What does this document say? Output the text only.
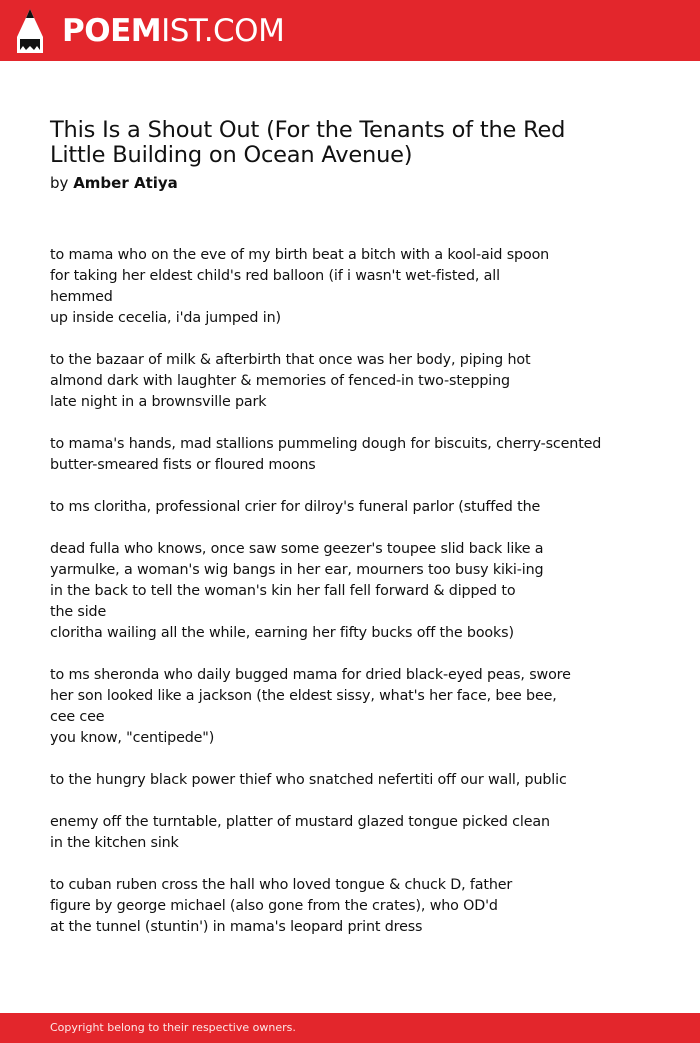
POEMIST.COM
This Is a Shout Out (For the Tenants of the Red Little Building on Ocean Avenue)
by Amber Atiya
to mama who on the eve of my birth beat a bitch with a kool-aid spoon
for taking her eldest child's red balloon (if i wasn't wet-fisted, all
hemmed
up inside cecelia, i'da jumped in)
to the bazaar of milk & afterbirth that once was her body, piping hot
almond dark with laughter & memories of fenced-in two-stepping
late night in a brownsville park
to mama's hands, mad stallions pummeling dough for biscuits, cherry-scented
butter-smeared fists or floured moons
to ms cloritha, professional crier for dilroy's funeral parlor (stuffed the
dead fulla who knows, once saw some geezer's toupee slid back like a
yarmulke, a woman's wig bangs in her ear, mourners too busy kiki-ing
in the back to tell the woman's kin her fall fell forward & dipped to
the side
cloritha wailing all the while, earning her fifty bucks off the books)
to ms sheronda who daily bugged mama for dried black-eyed peas, swore
her son looked like a jackson (the eldest sissy, what's her face, bee bee,
cee cee
you know, "centipede")
to the hungry black power thief who snatched nefertiti off our wall, public
enemy off the turntable, platter of mustard glazed tongue picked clean
in the kitchen sink
to cuban ruben cross the hall who loved tongue & chuck D, father
figure by george michael (also gone from the crates), who OD'd
at the tunnel (stuntin') in mama's leopard print dress
Copyright belong to their respective owners.
